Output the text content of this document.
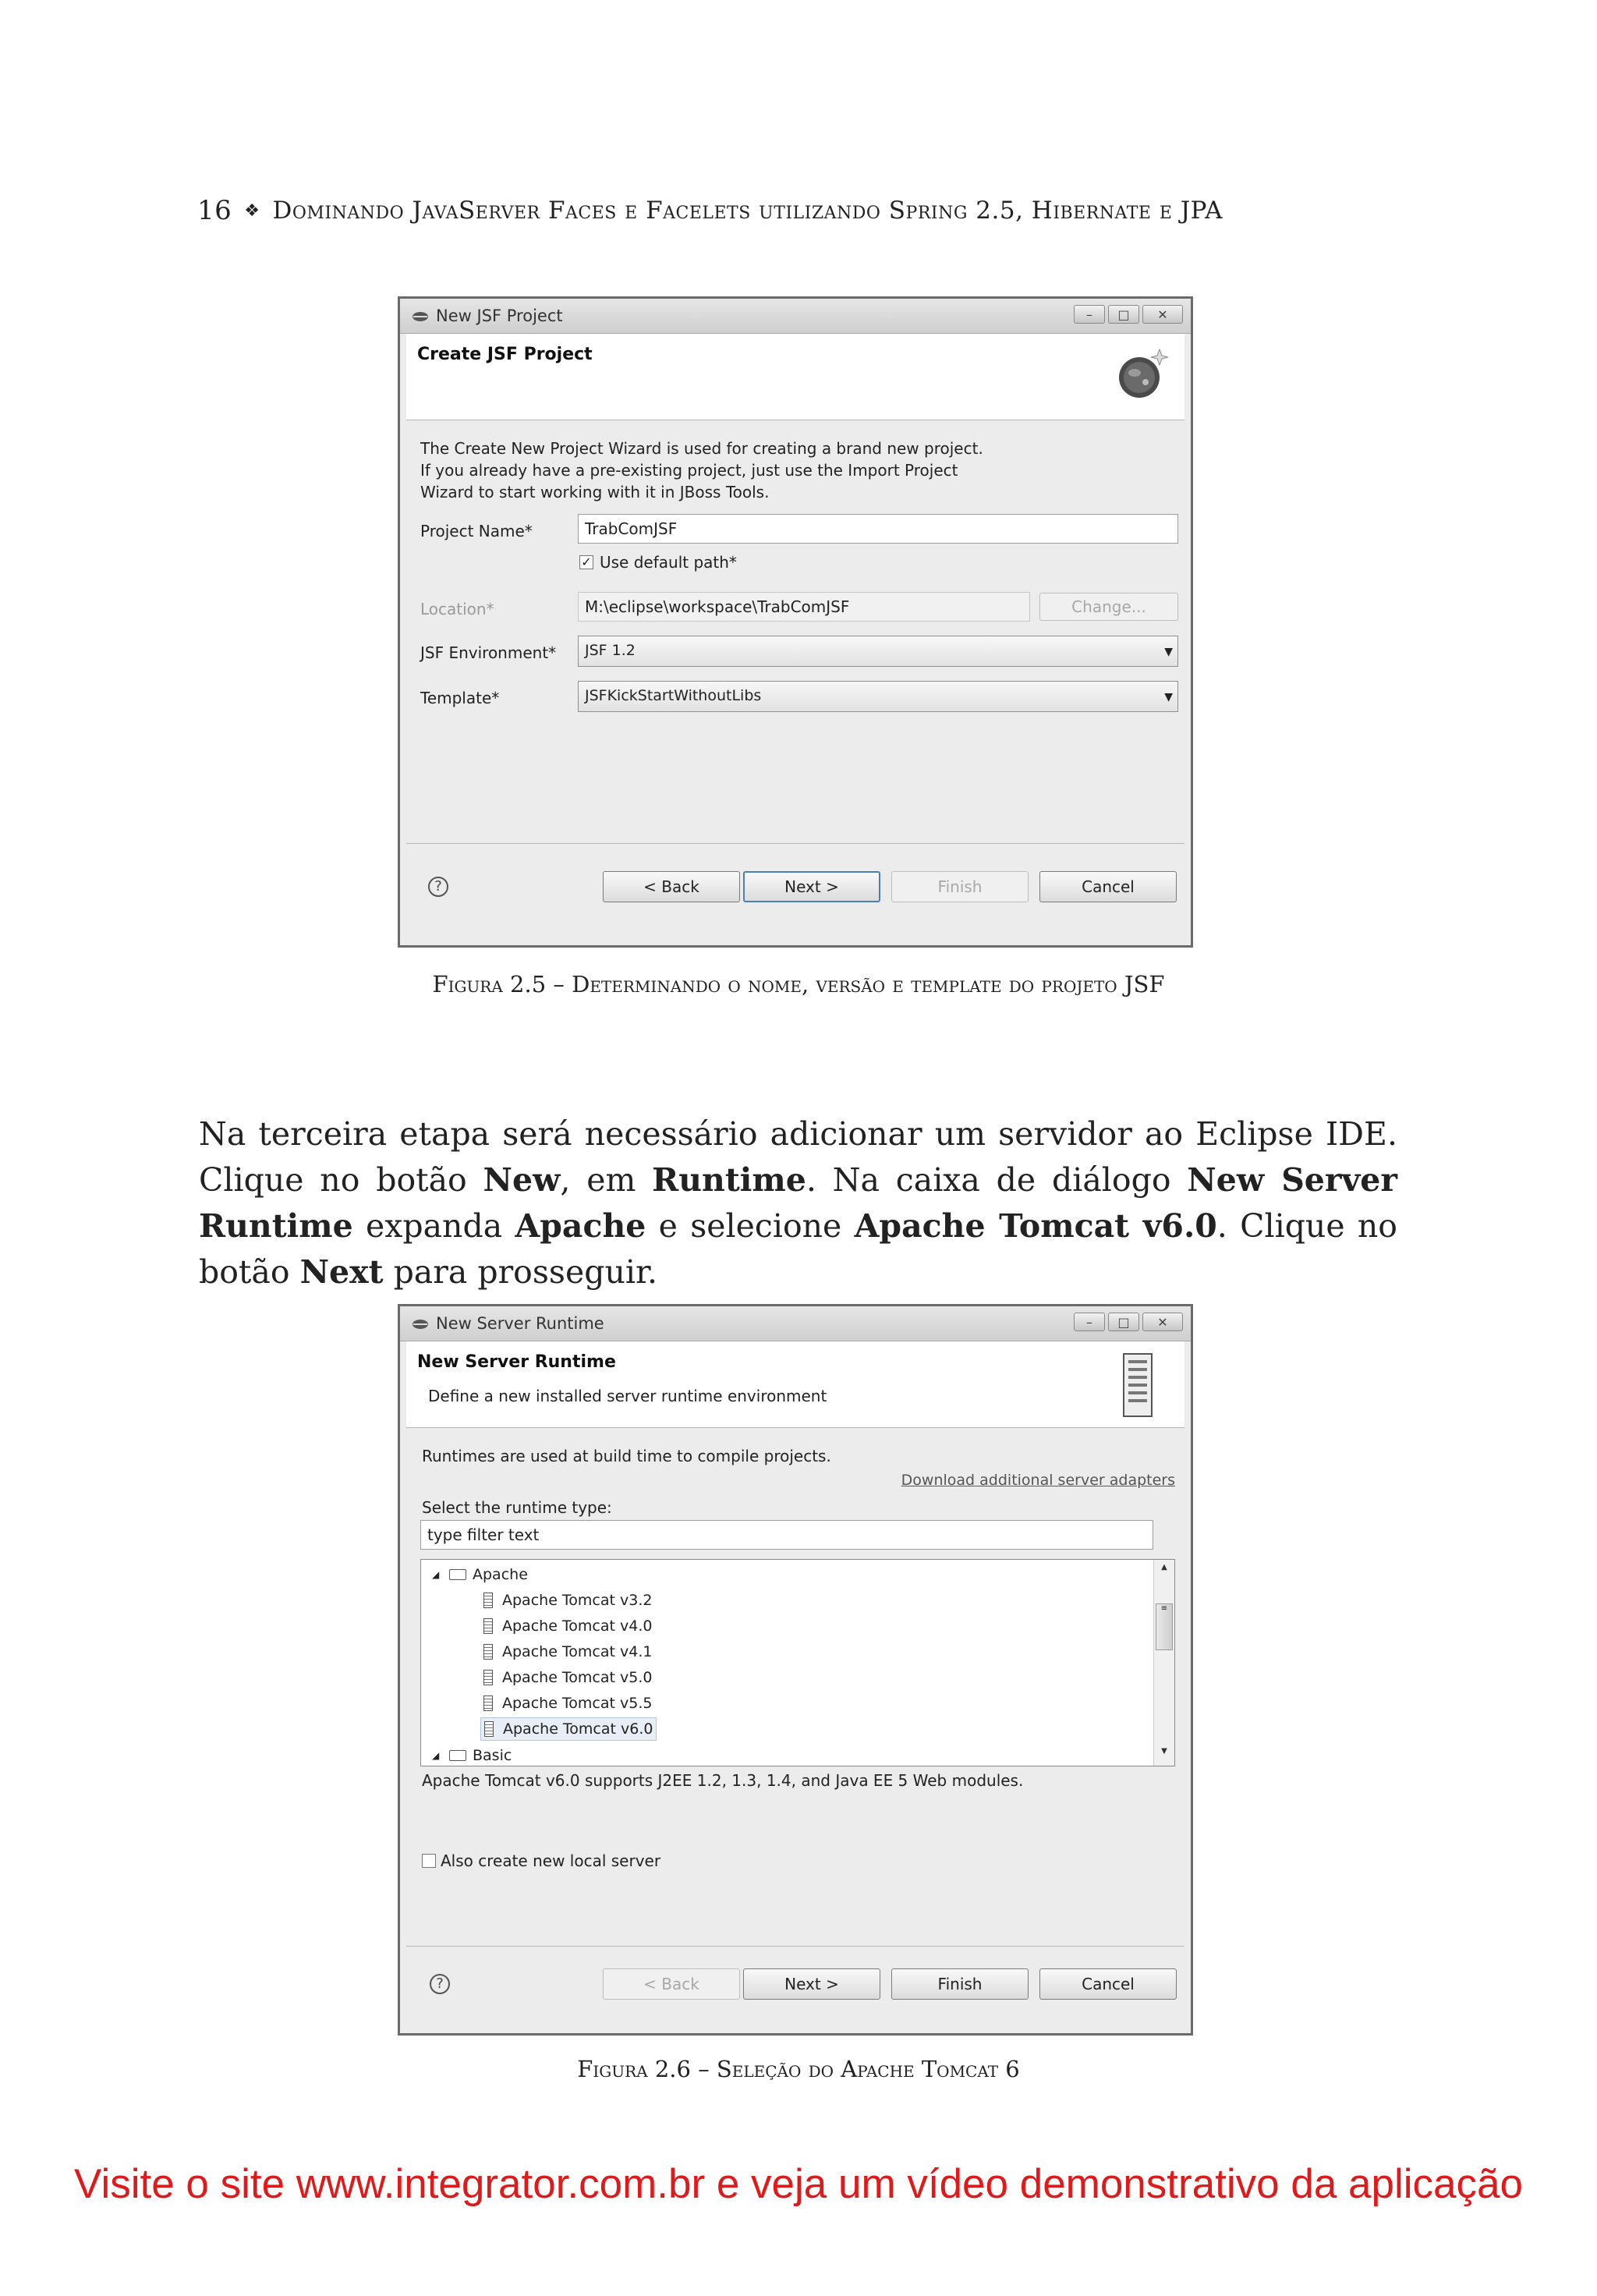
16 ❖ Dominando JavaServer Faces e Facelets utilizando Spring 2.5, Hibernate e JPA
New JSF Project	– □ ✕
Create JSF Project
The Create New Project Wizard is used for creating a brand new project.
If you already have a pre-existing project, just use the Import Project
Wizard to start working with it in JBoss Tools.
Project Name*	TrabComJSF
✓ Use default path*
Location*	M:\eclipse\workspace\TrabComJSF	Change...
JSF Environment*	JSF 1.2	▼
Template*	JSFKickStartWithoutLibs	▼
?	< Back	Next >	Finish	Cancel
Figura 2.5 – Determinando o nome, versão e template do projeto JSF
Na terceira etapa será necessário adicionar um servidor ao Eclipse IDE. Clique no botão New, em Runtime. Na caixa de diálogo New Server Runtime expanda Apache e selecione Apache Tomcat v6.0. Clique no botão Next para prosseguir.
New Server Runtime	– □ ✕
New Server Runtime
Define a new installed server runtime environment
Runtimes are used at build time to compile projects.
Download additional server adapters
Select the runtime type:
type filter text
◢ Apache
Apache Tomcat v3.2
Apache Tomcat v4.0
Apache Tomcat v4.1
Apache Tomcat v5.0
Apache Tomcat v5.5
Apache Tomcat v6.0
◢ Basic
▲
≡
▼
Apache Tomcat v6.0 supports J2EE 1.2, 1.3, 1.4, and Java EE 5 Web modules.
Also create new local server
?	< Back	Next >	Finish	Cancel
Figura 2.6 – Seleção do Apache Tomcat 6
Visite o site www.integrator.com.br e veja um vídeo demonstrativo da aplicação
